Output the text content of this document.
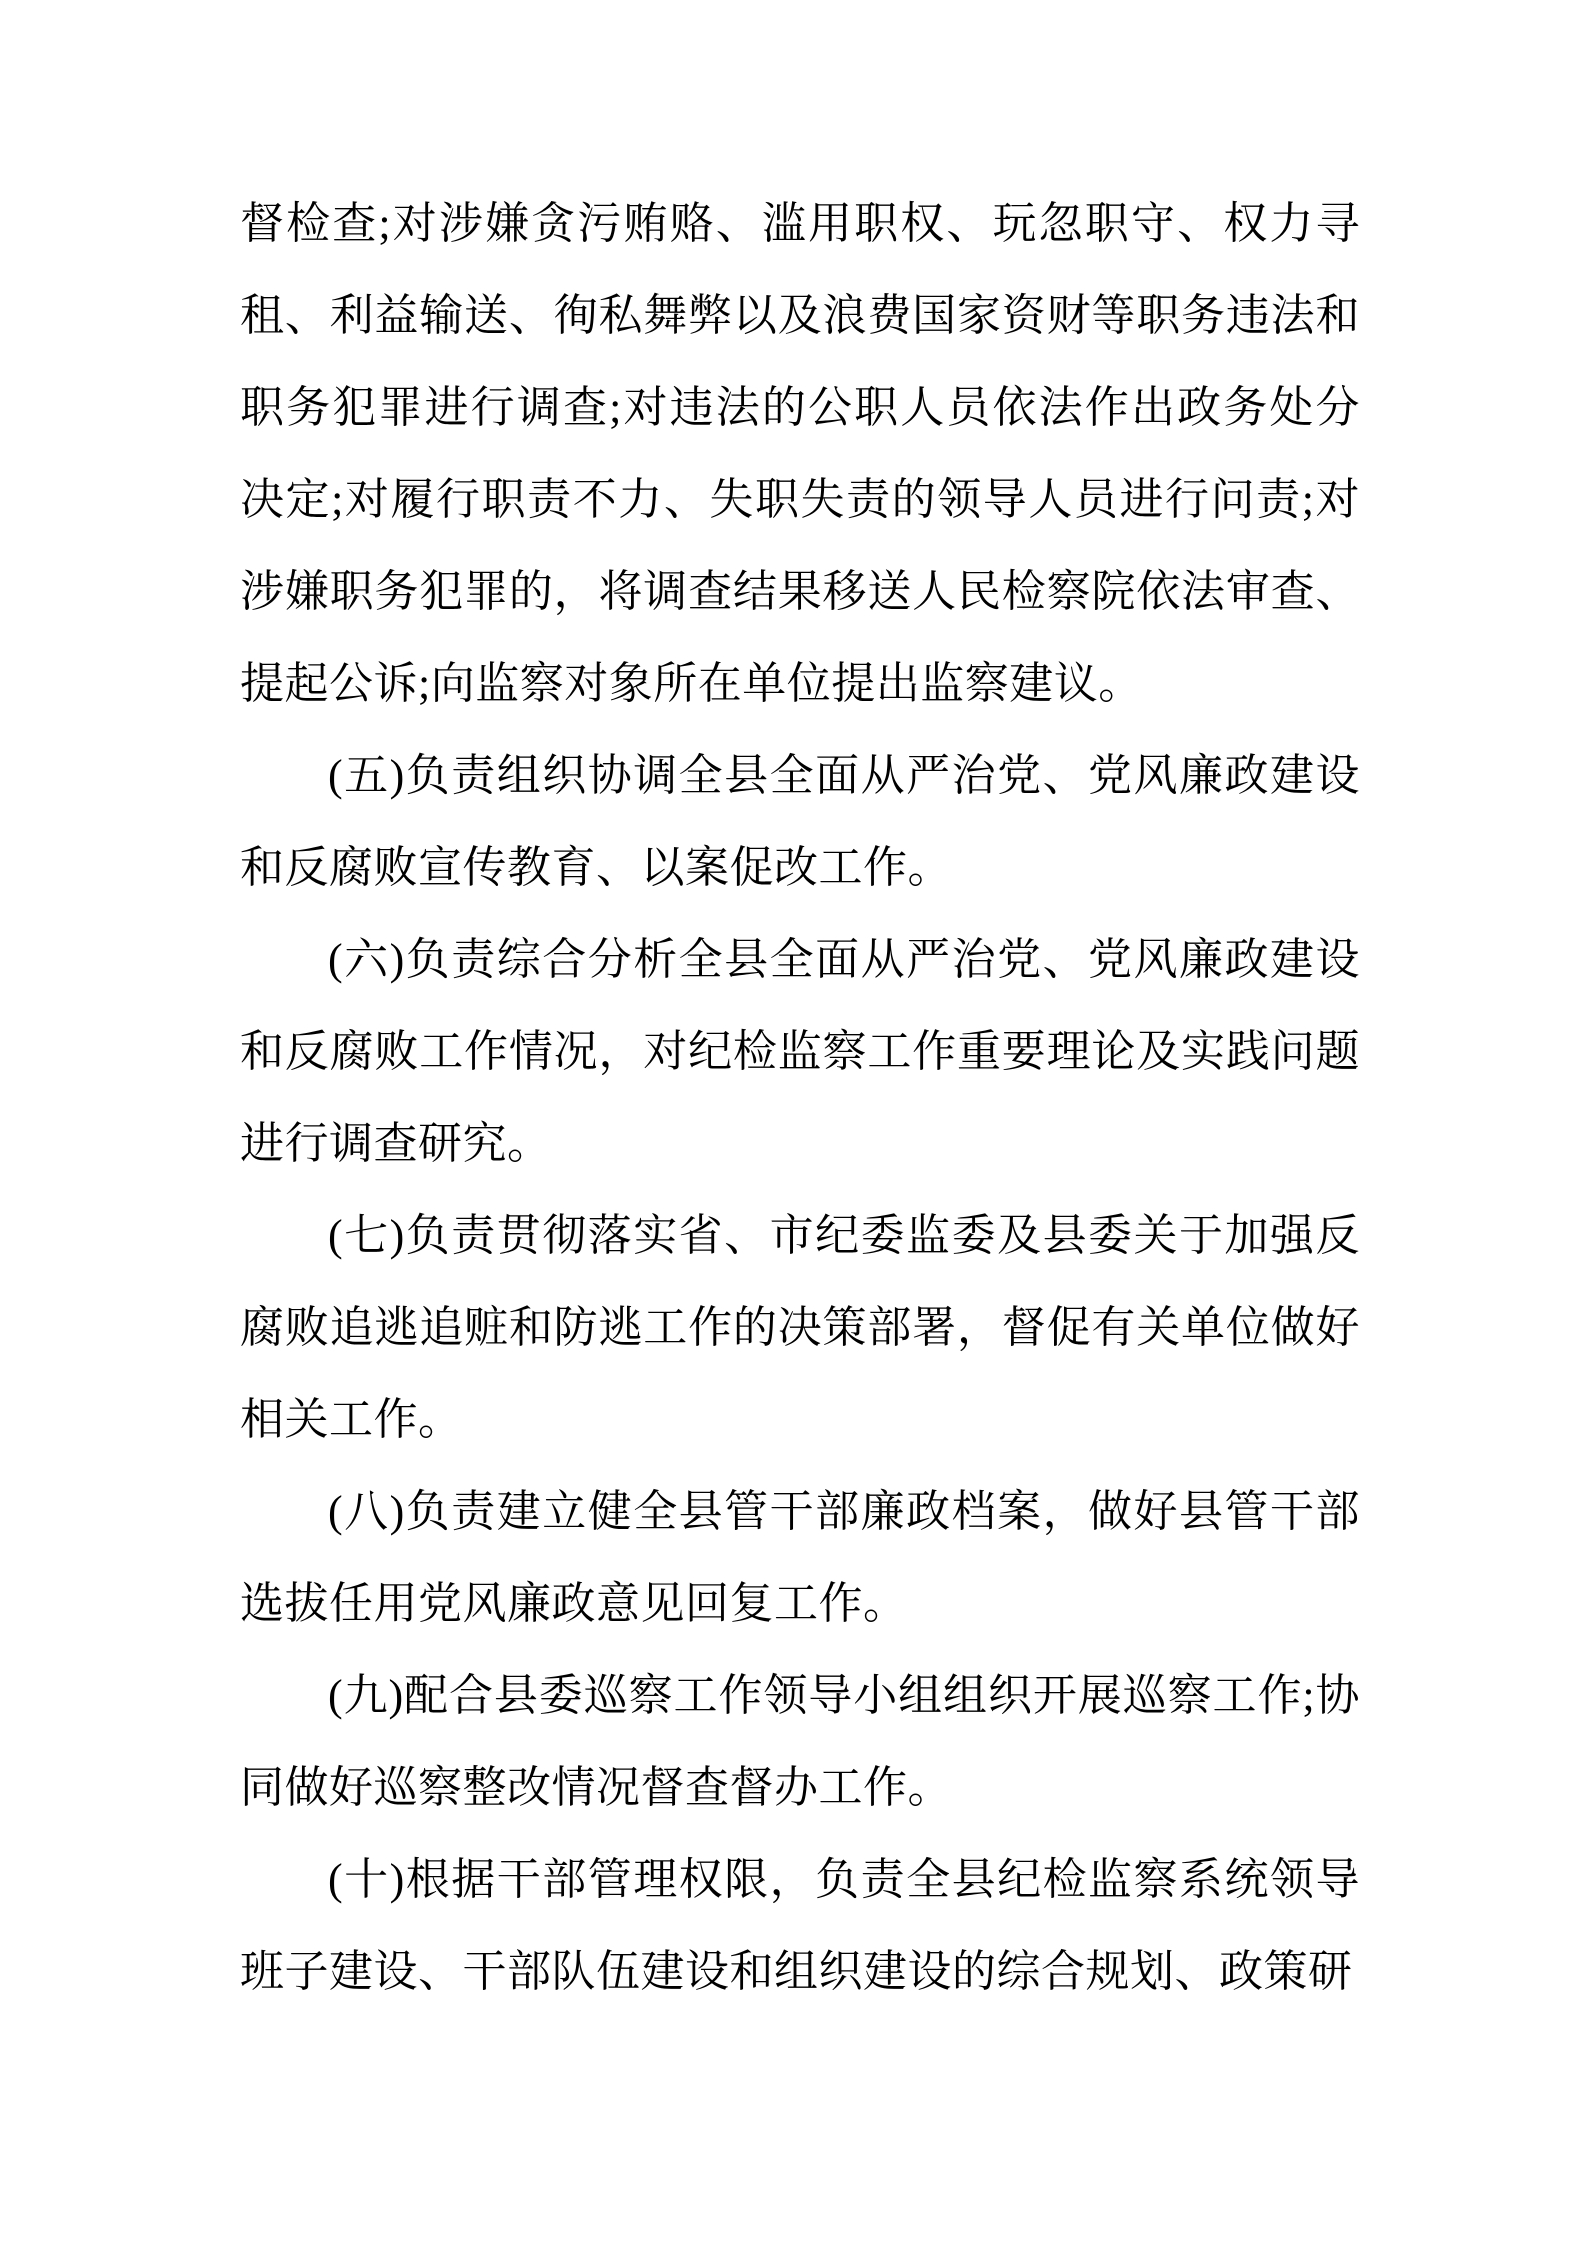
督检查;对涉嫌贪污贿赂、滥用职权、玩忽职守、权力寻租、利益输送、徇私舞弊以及浪费国家资财等职务违法和职务犯罪进行调查;对违法的公职人员依法作出政务处分决定;对履行职责不力、失职失责的领导人员进行问责;对涉嫌职务犯罪的，将调查结果移送人民检察院依法审查、提起公诉;向监察对象所在单位提出监察建议。

(五)负责组织协调全县全面从严治党、党风廉政建设和反腐败宣传教育、以案促改工作。

(六)负责综合分析全县全面从严治党、党风廉政建设和反腐败工作情况，对纪检监察工作重要理论及实践问题进行调查研究。

(七)负责贯彻落实省、市纪委监委及县委关于加强反腐败追逃追赃和防逃工作的决策部署，督促有关单位做好相关工作。

(八)负责建立健全县管干部廉政档案，做好县管干部选拔任用党风廉政意见回复工作。

(九)配合县委巡察工作领导小组组织开展巡察工作;协同做好巡察整改情况督查督办工作。

(十)根据干部管理权限，负责全县纪检监察系统领导班子建设、干部队伍建设和组织建设的综合规划、政策研
